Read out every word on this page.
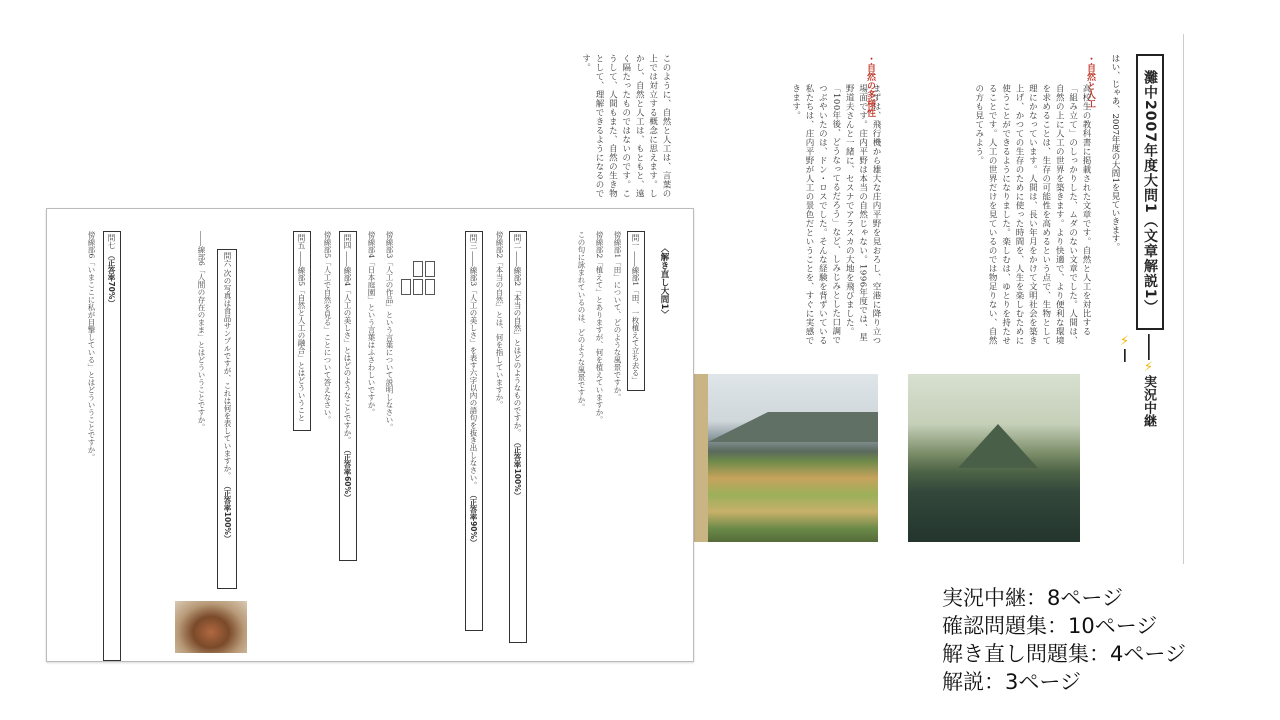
灘中2007年度大問1（文章解説1）
はい、じゃあ、2007年度の大問1を見ていきます。
――⚡実況中継⚡―
・自然と人工
高校生の教科書に掲載された文章です。自然と人工を対比する「組み立て」のしっかりした、ムダのない文章でした。人間は、自然の上に人工の世界を築きます。より快適で、より便利な環境を求めることは、生存の可能性を高めるという点で、生物として理にかなっています。人間は、長い年月をかけて文明社会を築き上げ、かつての生存のために使った時間を、人生を楽しむために使うことができるようになりました。楽しむは、ゆとりを持たせることです。人工の世界だけを見ているのでは物足りない、自然の方も見てみよう。
・自然の多様性
まずは、飛行機から雄大な庄内平野を見おろし、空港に降り立つ場面です。庄内平野は本当の自然じゃない。1996年度では、星野道夫さんと一緒に、セスナでアラスカの大地を飛びました。「100年後、どうなってるだろう」など、しみじみとした口調でつぶやいたのは、ドン・ロスでした。そんな経験を背ずいている私たちは、庄内平野が人工の景色だということを、すぐに実感できます。
このように、自然と人工は、言葉の上では対立する概念に思えます。しかし、自然と人工は、もともと、遠く隔たったものではないのです。こうして、人間もまた、自然の生き物として、理解できるようになるのです。
〈解き直し大問1〉
問一 ――線部1「田、一枚植えて立ち去る」
傍線部1「田」について、どのような風景ですか。
傍線部2「植えて」とありますが、何を植えていますか。
この句に詠まれているのは、どのような風景ですか。
問二 ――線部2「本当の自然」とはどのようなものですか。 （正答率100%）
傍線部2「本当の自然」とは、何を指していますか。
問三 ――線部3「人工の美しさ」を表す六字以内の語句を抜き出しなさい。 （正答率90%）
傍線部3「人工の作品」という言葉について説明しなさい。
傍線部4「日本庭園」という言葉はふさわしいですか。
問四 ――線部4「人工の美しさ」とはどのようなことですか。 （正答率60%）
傍線部5「人工で自然を見る」ことについて答えなさい。
問五 ――線部5「自然と人工の融合」とはどういうこと
問六 次の写真は食品サンプルですが、これは何を表していますか。 （正答率100%）
――線部6「人間の存在のまま」とはどういうことですか。
問七 （正答率70%）
傍線部6「いまここに私が目撃している」とはどういうことですか。
実況中継：8ページ
確認問題集：10ページ
解き直し問題集：4ページ
解説：3ページ
